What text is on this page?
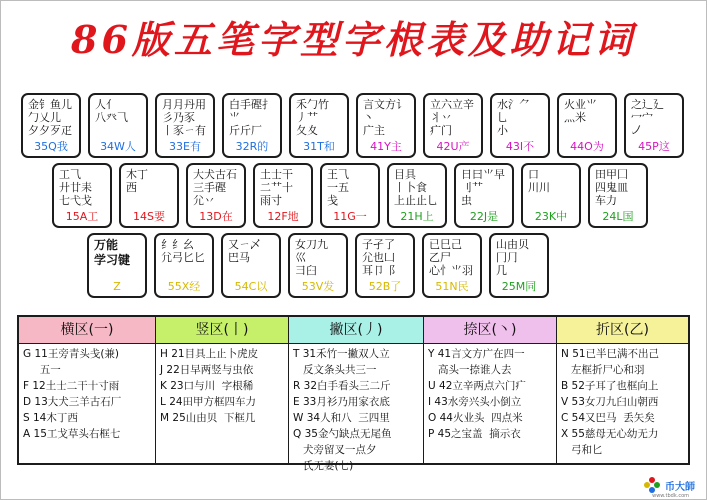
86版五笔字型字根表及助记词
金钅鱼儿
勹乂儿
夕夕歹⽦
35Q我
人亻
八癶⺄
34W人
月月丹用
彡乃豕
⼁豕ㄧ有
33E有
白手䃘扌
⺌
斤斤厂
32R的
禾⼓竹
丿⺿
夂夊
31T和
言文方讠
丶
广主
41Y主
立六立辛
丬丷
疒门
42U产
水氵⺈
⺃
小
43I不
火业⺌
灬米
44O为
之辶廴
冖宀
㇢
45P这
工⺄
廾廿⽾
七弋戈
15A工
木丁
西
14S要
大犬古石
三手䃘
⺏丷
13D在
土士干
二⺿十
雨寸
12F地
王⺄
一五
戋
11G一
目具
丨卜⻝
上止止⺃
21H上
日曰⺌早
刂⺿
虫
22J是
口
川川
23K中
田甲囗
四⻤皿
车力
24L国
万能
学习键
Z
纟纟幺
⺑弓匕匕
55X经
又ㄧ乄
巴马
54C以
女刀九
巛
彐臼
53V发
子孑了
⺏也凵
耳卩⻏
52B了
已巳己
乙尸
心忄⺌羽
51N民
山由贝
冂⺆
几
25M同
横区(一)
G 11王旁青头戋(兼)
五一
F 12土士二干十寸雨
D 13大犬三羊古石厂
S 14木丁西
A 15工戈草头右框七
竖区(丨)
H 21目具上止卜虎皮
J 22日早两竖与虫依
K 23口与川  字根稀
L 24田甲方框四车力
M 25山由贝  下框几
撇区(丿)
T 31禾竹一撇双人立
反文条头共三一
R 32白手看头三二斤
E 33月衫乃用家衣底
W 34人和八  三四里
Q 35金勺缺点无尾鱼
犬旁留叉一点夕
氏无妻(七)
捺区(丶)
Y 41言文方广在四一
高头一捺谁人去
U 42立辛两点六门疒
I 43水旁兴头小倒立
O 44火业头  四点米
P 45之宝盖  摘示衣
折区(乙)
N 51已半巳满不出己
左框折尸心和羽
B 52子耳了也框向上
V 53女刀九臼山朝西
C 54又巴马  丢矢矣
X 55慈母无心幼无力
弓和匕
币大師
www.tbdk.com
